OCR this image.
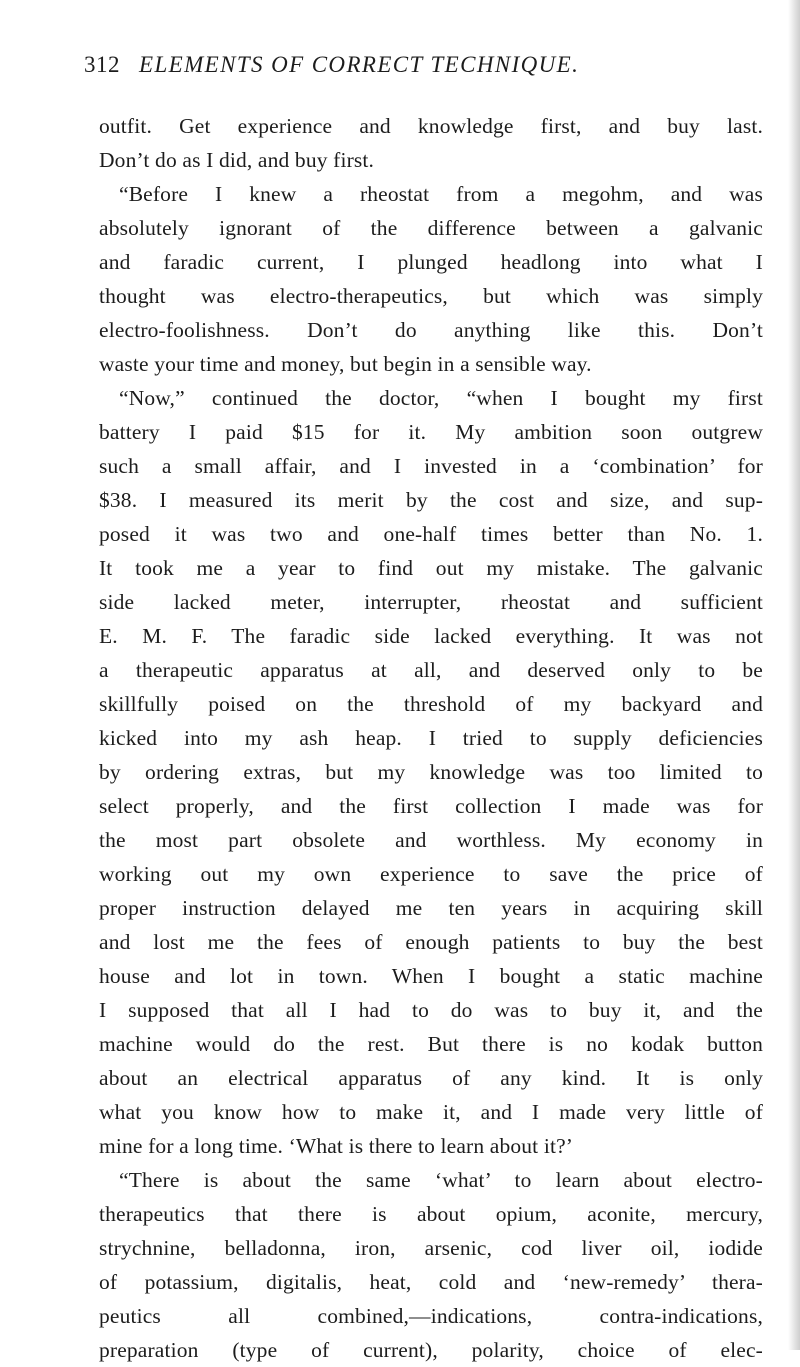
312 ELEMENTS OF CORRECT TECHNIQUE.
outfit. Get experience and knowledge first, and buy last.
Don’t do as I did, and buy first.
“Before I knew a rheostat from a megohm, and was
absolutely ignorant of the difference between a galvanic
and faradic current, I plunged headlong into what I
thought was electro-therapeutics, but which was simply
electro-foolishness. Don’t do anything like this. Don’t
waste your time and money, but begin in a sensible way.
“Now,” continued the doctor, “when I bought my first
battery I paid $15 for it. My ambition soon outgrew
such a small affair, and I invested in a ‘combination’ for
$38. I measured its merit by the cost and size, and sup-
posed it was two and one-half times better than No. 1.
It took me a year to find out my mistake. The galvanic
side lacked meter, interrupter, rheostat and sufficient
E. M. F. The faradic side lacked everything. It was not
a therapeutic apparatus at all, and deserved only to be
skillfully poised on the threshold of my backyard and
kicked into my ash heap. I tried to supply deficiencies
by ordering extras, but my knowledge was too limited to
select properly, and the first collection I made was for
the most part obsolete and worthless. My economy in
working out my own experience to save the price of
proper instruction delayed me ten years in acquiring skill
and lost me the fees of enough patients to buy the best
house and lot in town. When I bought a static machine
I supposed that all I had to do was to buy it, and the
machine would do the rest. But there is no kodak button
about an electrical apparatus of any kind. It is only
what you know how to make it, and I made very little of
mine for a long time. ‘What is there to learn about it?’
“There is about the same ‘what’ to learn about electro-
therapeutics that there is about opium, aconite, mercury,
strychnine, belladonna, iron, arsenic, cod liver oil, iodide
of potassium, digitalis, heat, cold and ‘new-remedy’ thera-
peutics all combined,—indications, contra-indications,
preparation (type of current), polarity, choice of elec-
